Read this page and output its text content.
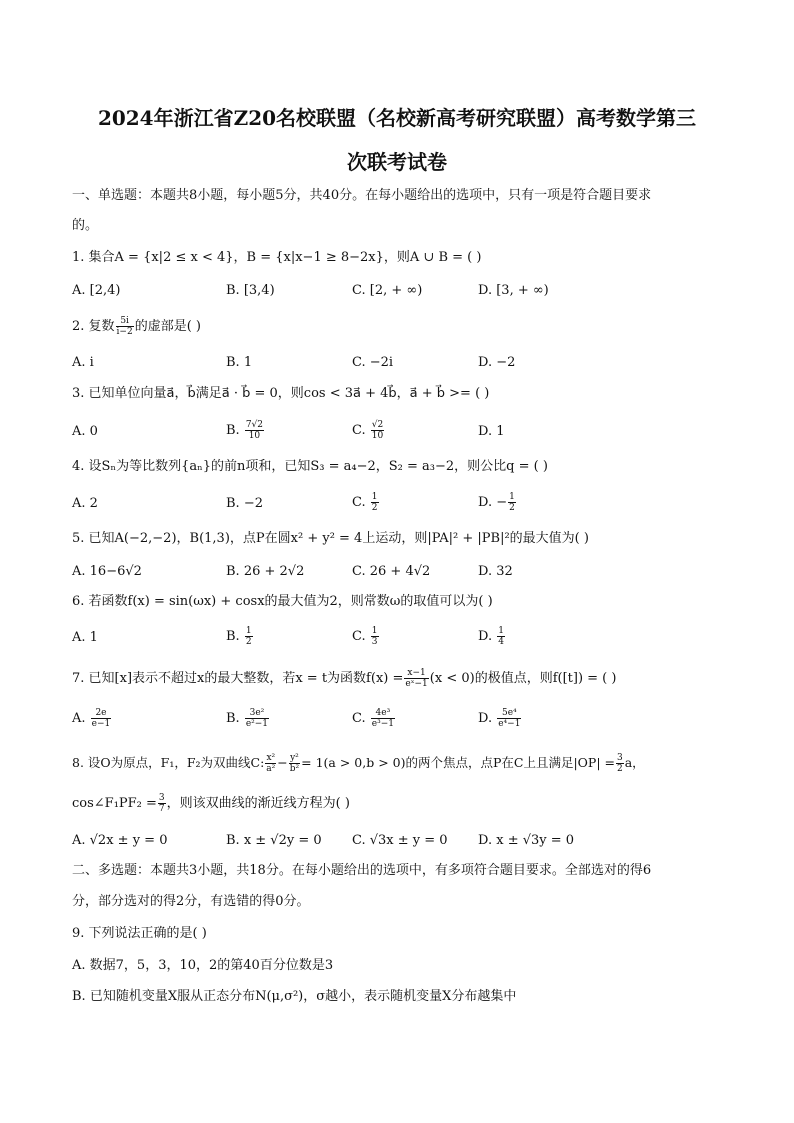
2024年浙江省Z20名校联盟（名校新高考研究联盟）高考数学第三
次联考试卷
一、单选题：本题共8小题，每小题5分，共40分。在每小题给出的选项中，只有一项是符合题目要求
的。
1. 集合A = {x|2 ≤ x < 4}，B = {x|x−1 ≥ 8−2x}，则A ∪ B = ( )
A. [2,4)	B. [3,4)	C. [2, + ∞)	D. [3, + ∞)
2. 复数 $\frac{5i}{i-2}$ 的虚部是( )
A. i	B. 1	C. −2i	D. −2
3. 已知单位向量a⃗，b⃗满足a⃗ · b⃗ = 0，则cos < 3a⃗ + 4b⃗，a⃗ + b⃗ >= ( )
A. 0	B. $\frac{7√2}{10}$	C. $\frac{√2}{10}$	D. 1
4. 设Sₙ为等比数列{aₙ}的前n项和，已知S₃ = a₄−2，S₂ = a₃−2，则公比q = ( )
A. 2	B. −2	C. $\frac{1}{2}$	D. − $\frac{1}{2}$
5. 已知A(−2,−2)，B(1,3)，点P在圆x² + y² = 4上运动，则|PA|² + |PB|²的最大值为( )
A. 16−6√2	B. 26 + 2√2	C. 26 + 4√2	D. 32
6. 若函数f(x) = sin(ωx) + cosx的最大值为2，则常数ω的取值可以为( )
A. 1	B. $\frac{1}{2}$	C. $\frac{1}{3}$	D. $\frac{1}{4}$
7. 已知[x]表示不超过x的最大整数，若x = t为函数$f(x) = \frac{x-1}{\text{eˣ−1}} (x < 0)$的极值点，则f([t]) = ( )
A. $\frac{2e}{e-1}$	B. $\frac{\text{3e²}}{\text{e²−1}}$	C. $\frac{\text{4e³}}{\text{e³−1}}$	D. $\frac{\text{5e⁴}}{\text{e⁴−1}}$
8. 设O为原点，F₁，F₂为双曲线C: $\frac{\text{x²}}{\text{a²}} - \frac{\text{y²}}{\text{b²}} = 1(a > 0,b > 0)$的两个焦点，点P在C上且满足$|OP| = \frac{3}{2}$ a，
cos∠F₁PF₂ = $\frac{3}{7}$ ，则该双曲线的渐近线方程为( )
A. √2x ± y = 0	B. x ± √2y = 0 C. √3x ± y = 0 D. x ± √3y = 0
二、多选题：本题共3小题，共18分。在每小题给出的选项中，有多项符合题目要求。全部选对的得6
分，部分选对的得2分，有选错的得0分。
9. 下列说法正确的是( )
A. 数据7，5，3，10，2的第40百分位数是3
B. 已知随机变量X服从正态分布N(μ,σ²)，σ越小，表示随机变量X分布越集中
